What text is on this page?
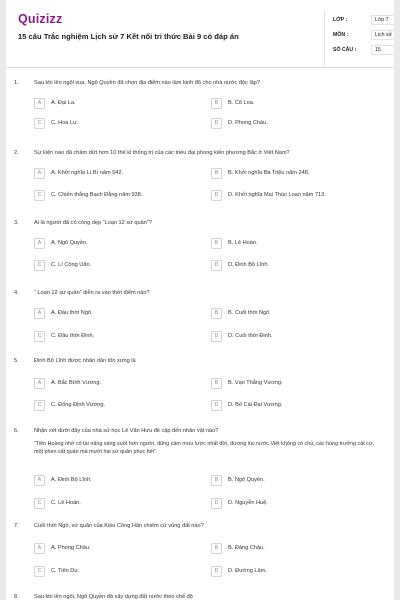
Quizizz
15 câu Trắc nghiệm Lịch sử 7 Kết nối tri thức Bài 9 có đáp án
LỚP :	Lớp 7
MÔN :	Lịch sử
SỐ CÂU :	15
1.	Sau khi lên ngôi vua, Ngô Quyền đã chọn địa điểm nào làm kinh đô cho nhà nước độc lập?
A	A. Đại La.	B	B. Cổ Loa.
C	C. Hoa Lư.	D	D. Phong Châu.
2.	Sự kiện nào đã chấm dứt hơn 10 thế kỉ thống trị của các triều đại phong kiến phương Bắc ở Việt Nam?
A	A. Khởi nghĩa Lí Bí năm 542.	B	B. Khởi nghĩa Bà Triệu năm 248.
C	C. Chiến thắng Bạch Đằng năm 938.	D	D. Khởi nghĩa Mai Thúc Loan năm 713.
3.	Ai là người đã có công dẹp “Loạn 12 sứ quân”?
A	A. Ngô Quyền.	B	B. Lê Hoàn.
C	C. Lí Công Uẩn.	D	D. Đinh Bộ Lĩnh.
4.	“ Loạn 12 sứ quân” diễn ra vào thời điểm nào?
A	A. Đầu thời Ngô.	B	B. Cuối thời Ngô.
C	C. Đầu thời Đinh.	D	D. Cuối thời Đinh.
5.	Đinh Bộ Lĩnh được nhân dân tôn xưng là
A	A. Bắc Bình Vương.	B	B. Vạn Thắng Vương.
C	C. Đông Định Vương.	D	D. Bố Cái Đại Vương.
6.	Nhận xét dưới đây của nhà sử học Lê Văn Hưu đề cập đến nhân vật nào?
“Tiên Hoàng nhờ có tài năng sáng suốt hơn người, dũng cảm mưu lược nhất đời, đương lúc nước Việt không có chủ, các hùng trưởng cát cứ, một phen cất quân mà mười hai sứ quân phục hết”.
A	A. Đinh Bộ Lĩnh.	B	B. Ngô Quyền.
C	C. Lê Hoàn.	D	D. Nguyễn Huệ.
7.	Cuối thời Ngô, sứ quân của Kiều Công Hãn chiếm cứ vùng đất nào?
A	A. Phong Châu.	B	B. Đăng Châu.
C	C. Tiên Du.	D	D. Đường Lâm.
8.	Sau khi lên ngôi, Ngô Quyền đã xây dựng đất nước theo chế độ
